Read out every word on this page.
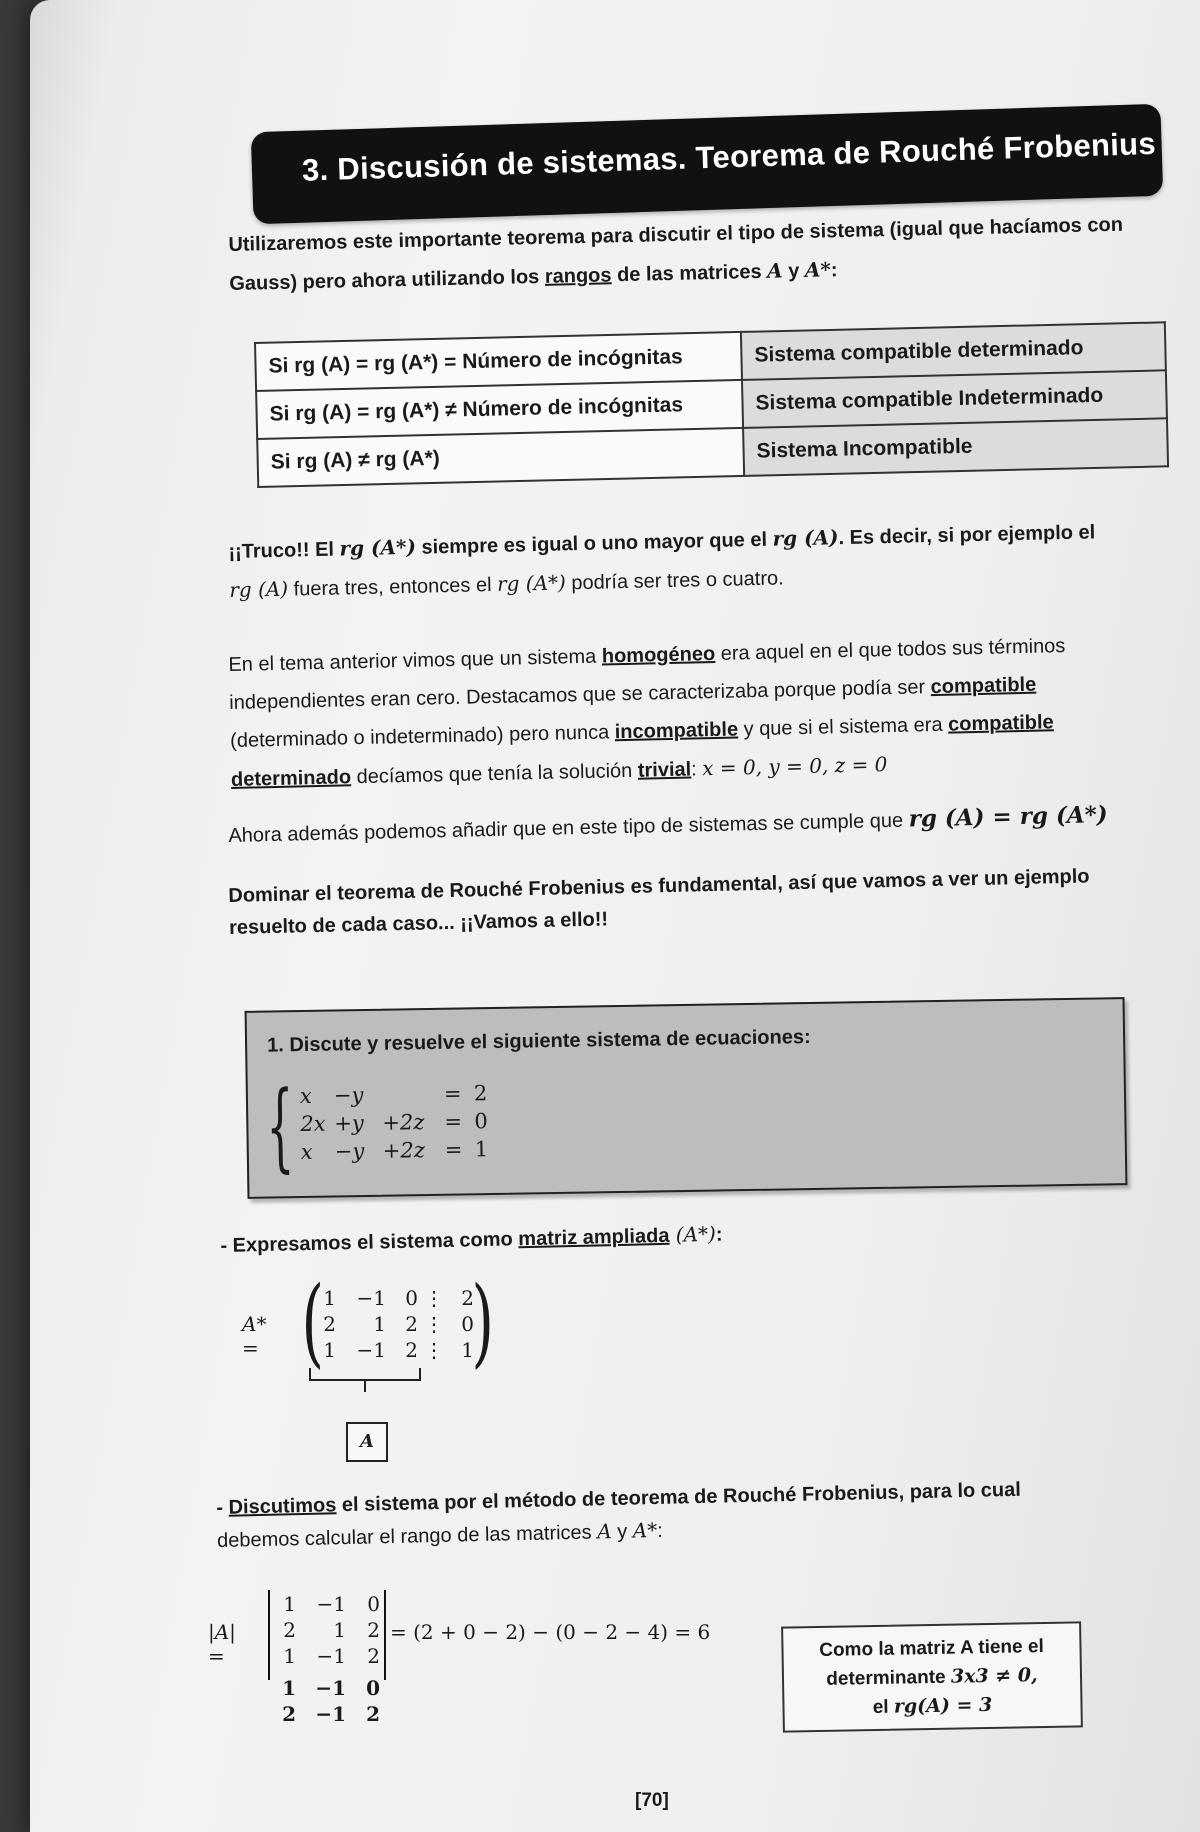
3. Discusión de sistemas. Teorema de Rouché Frobenius
Utilizaremos este importante teorema para discutir el tipo de sistema (igual que hacíamos con
Gauss) pero ahora utilizando los rangos de las matrices A y A*:
Si rg (A) = rg (A*) = Número de incógnitas	Sistema compatible determinado
Si rg (A) = rg (A*) ≠ Número de incógnitas	Sistema compatible Indeterminado
Si rg (A) ≠ rg (A*)	Sistema Incompatible
¡¡Truco!! El rg (A*) siempre es igual o uno mayor que el rg (A). Es decir, si por ejemplo el
rg (A) fuera tres, entonces el rg (A*) podría ser tres o cuatro.
En el tema anterior vimos que un sistema homogéneo era aquel en el que todos sus términos
independientes eran cero. Destacamos que se caracterizaba porque podía ser compatible
(determinado o indeterminado) pero nunca incompatible y que si el sistema era compatible
determinado decíamos que tenía la solución trivial: x = 0, y = 0, z = 0
Ahora además podemos añadir que en este tipo de sistemas se cumple que rg (A) = rg (A*)
Dominar el teorema de Rouché Frobenius es fundamental, así que vamos a ver un ejemplo
resuelto de cada caso... ¡¡Vamos a ello!!
1. Discute y resuelve el siguiente sistema de ecuaciones:
{ x	−y	= 2
2x +y +2z = 0
x	−y +2z = 1
- Expresamos el sistema como matriz ampliada (A*):
A* = ( 1	−1 0 ⋮ 2
2	1 2 ⋮ 0
1	−1 2 ⋮ 1
)
A
- Discutimos el sistema por el método de teorema de Rouché Frobenius, para lo cual
debemos calcular el rango de las matrices A y A*:
|A| =
1	−1	0
2	1	2
1	−1	2
1 −1	0
2 −1	2
= (2 + 0 − 2) − (0 − 2 − 4) = 6
Como la matriz A tiene el
determinante 3x3 ≠ 0,
el rg(A) = 3
[70]
